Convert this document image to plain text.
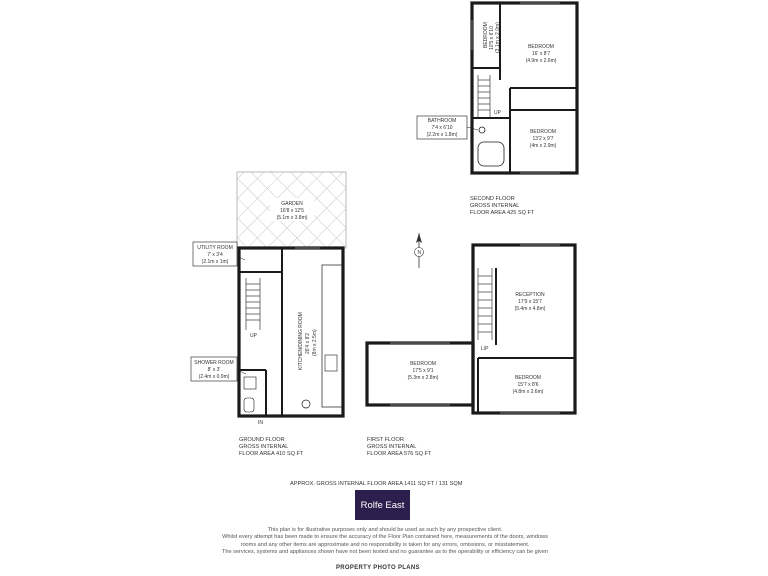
BEDROOM 10'5 x 6'10 (3.1m x 2.0m)	BEDROOM
16' x 8'7
(4.9m x 2.6m)
BEDROOM
13'2 x 9'7
(4m x 2.9m)
UP
BATHROOM
7'4 x 6'10
(2.2m x 1.8m)
GARDEN
16'8 x 12'5
(5.1m x 3.8m)
UP
IN
KITCHEN/DINING ROOM 26'4 x 8'2 (8m x 2.5m)
UTILITY ROOM
7' x 3'4
(2.1m x 1m)
SHOWER ROOM
8' x 3'
(2.4m x 0.9m)
RECEPTION
17'9 x 15'7
(5.4m x 4.8m)
BEDROOM
17'5 x 9'1
(5.3m x 2.8m)	BEDROOM
15'7 x 8'6
(4.8m x 2.6m)
L/P
N
SECOND FLOOR
GROSS INTERNAL
FLOOR AREA 425 SQ FT
GROUND FLOOR
GROSS INTERNAL
FLOOR AREA 410 SQ FT
FIRST FLOOR
GROSS INTERNAL
FLOOR AREA 576 SQ FT
APPROX. GROSS INTERNAL FLOOR AREA 1411 SQ FT / 131 SQM
Rolfe East
This plan is for illustrative purposes only and should be used as such by any prospective client.
Whilst every attempt has been made to ensure the accuracy of the Floor Plan contained here, measurements of the doors, windows
rooms and any other items are approximate and no responsibility is taken for any errors, omissions, or misstatement.
The services, systems and appliances shown have not been tested and no guarantee as to the operability or efficiency can be given
PROPERTY PHOTO PLANS
